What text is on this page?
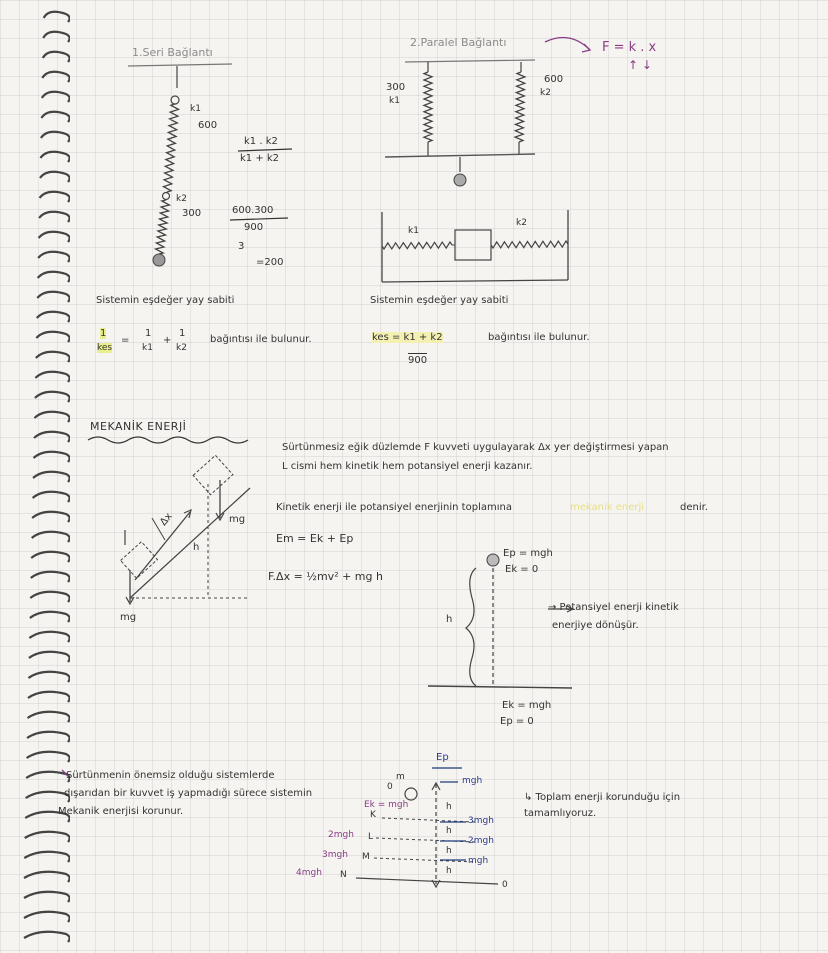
1.Seri Bağlantı
k1
600
k2
300
k1 . k2
k1 + k2
600.300
900
3
=200
Sistemin eşdeğer yay sabiti
1
kes
=
1
k1
+
1
k2
bağıntısı ile bulunur.
2.Paralel Bağlantı	F = k . x
↑ ↓
300
k1
600
k2
k1
k2
Sistemin eşdeğer yay sabiti
kes = k1 + k2
900
bağıntısı ile bulunur.
MEKANİK ENERJİ
Sürtünmesiz eğik düzlemde F kuvveti uygulayarak Δx yer değiştirmesi yapan
L cismi hem kinetik hem potansiyel enerji kazanır.
Kinetik enerji ile potansiyel enerjinin toplamına	mekanik enerji	denir.
Em = Ek + Ep
F.Δx = ½mv² + mg h
mg
mg
h
Δx
Ep = mgh
Ek = 0
h
→ Potansiyel enerji kinetik
enerjiye dönüşür.
Ek = mgh
Ep = 0
Sürtünmenin önemsiz olduğu sistemlerde
dışarıdan bir kuvvet iş yapmadığı sürece sistemin
Mekanik enerjisi korunur.
Ep
0
m
Ek = mgh
K
2mgh L
3mgh M
4mgh N
mgh
3mgh
2mgh
mgh
0
h
h
h
h
↳ Toplam enerji korunduğu için
tamamlıyoruz.
